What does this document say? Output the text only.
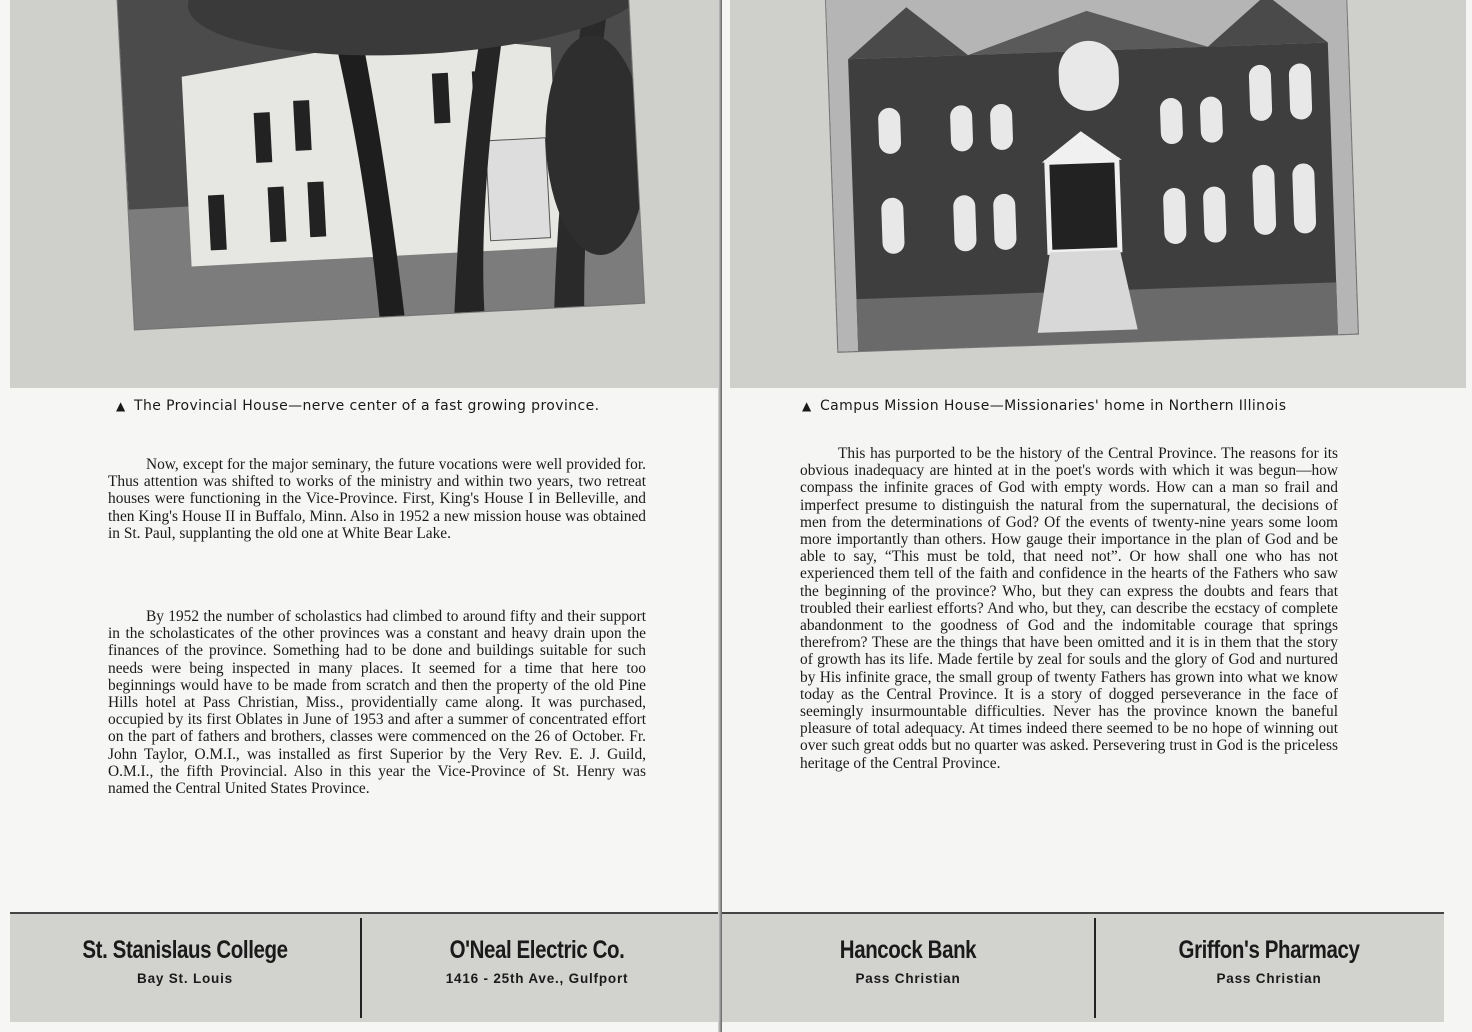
▲ The Provincial House—nerve center of a fast growing province.

Now, except for the major seminary, the future vocations were well provided for. Thus attention was shifted to works of the ministry and within two years, two retreat houses were functioning in the Vice-Province. First, King's House I in Belleville, and then King's House II in Buffalo, Minn. Also in 1952 a new mission house was obtained in St. Paul, supplanting the old one at White Bear Lake.

By 1952 the number of scholastics had climbed to around fifty and their support in the scholasticates of the other provinces was a constant and heavy drain upon the finances of the province. Something had to be done and buildings suitable for such needs were being inspected in many places. It seemed for a time that here too beginnings would have to be made from scratch and then the property of the old Pine Hills hotel at Pass Christian, Miss., providentially came along. It was purchased, occupied by its first Oblates in June of 1953 and after a summer of concentrated effort on the part of fathers and brothers, classes were commenced on the 26 of October. Fr. John Taylor, O.M.I., was installed as first Superior by the Very Rev. E. J. Guild, O.M.I., the fifth Provincial. Also in this year the Vice-Province of St. Henry was named the Central United States Province.

St. Stanislaus College
Bay St. Louis
O'Neal Electric Co.
1416 - 25th Ave., Gulfport
▲ Campus Mission House—Missionaries' home in Northern Illinois

This has purported to be the history of the Central Province. The reasons for its obvious inadequacy are hinted at in the poet's words with which it was begun—how compass the infinite graces of God with empty words. How can a man so frail and imperfect presume to distinguish the natural from the supernatural, the decisions of men from the determinations of God? Of the events of twenty-nine years some loom more importantly than others. How gauge their importance in the plan of God and be able to say, “This must be told, that need not”. Or how shall one who has not experienced them tell of the faith and confidence in the hearts of the Fathers who saw the beginning of the province? Who, but they can express the doubts and fears that troubled their earliest efforts? And who, but they, can describe the ecstacy of complete abandonment to the goodness of God and the indomitable courage that springs therefrom? These are the things that have been omitted and it is in them that the story of growth has its life. Made fertile by zeal for souls and the glory of God and nurtured by His infinite grace, the small group of twenty Fathers has grown into what we know today as the Central Province. It is a story of dogged perseverance in the face of seemingly insurmountable difficulties. Never has the province known the baneful pleasure of total adequacy. At times indeed there seemed to be no hope of winning out over such great odds but no quarter was asked. Persevering trust in God is the priceless heritage of the Central Province.

Hancock Bank
Pass Christian
Griffon's Pharmacy
Pass Christian
